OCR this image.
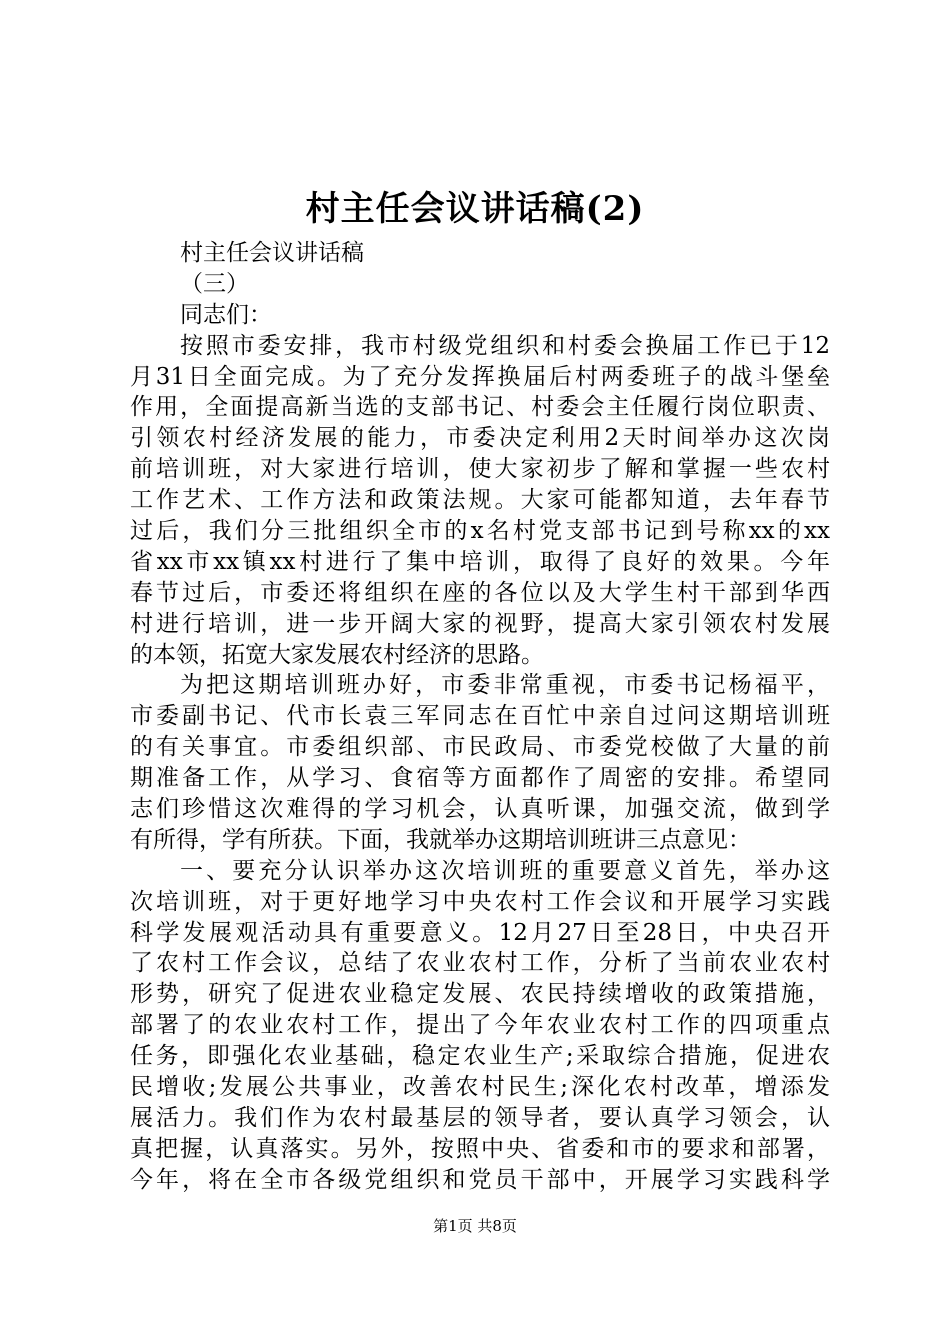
村主任会议讲话稿(2)
村主任会议讲话稿
（三）
同志们：
按照市委安排，我市村级党组织和村委会换届工作已于12
月31日全面完成。为了充分发挥换届后村两委班子的战斗堡垒
作用，全面提高新当选的支部书记、村委会主任履行岗位职责、
引领农村经济发展的能力，市委决定利用2天时间举办这次岗
前培训班，对大家进行培训，使大家初步了解和掌握一些农村
工作艺术、工作方法和政策法规。大家可能都知道，去年春节
过后，我们分三批组织全市的x名村党支部书记到号称xx的xx
省xx市xx镇xx村进行了集中培训，取得了良好的效果。今年
春节过后，市委还将组织在座的各位以及大学生村干部到华西
村进行培训，进一步开阔大家的视野，提高大家引领农村发展
的本领，拓宽大家发展农村经济的思路。
为把这期培训班办好，市委非常重视，市委书记杨福平，
市委副书记、代市长袁三军同志在百忙中亲自过问这期培训班
的有关事宜。市委组织部、市民政局、市委党校做了大量的前
期准备工作，从学习、食宿等方面都作了周密的安排。希望同
志们珍惜这次难得的学习机会，认真听课，加强交流，做到学
有所得，学有所获。下面，我就举办这期培训班讲三点意见：
一、要充分认识举办这次培训班的重要意义首先，举办这
次培训班，对于更好地学习中央农村工作会议和开展学习实践
科学发展观活动具有重要意义。12月27日至28日，中央召开
了农村工作会议，总结了农业农村工作，分析了当前农业农村
形势，研究了促进农业稳定发展、农民持续增收的政策措施，
部署了的农业农村工作，提出了今年农业农村工作的四项重点
任务，即强化农业基础，稳定农业生产;采取综合措施，促进农
民增收;发展公共事业，改善农村民生;深化农村改革，增添发
展活力。我们作为农村最基层的领导者，要认真学习领会，认
真把握，认真落实。另外，按照中央、省委和市的要求和部署，
今年，将在全市各级党组织和党员干部中，开展学习实践科学
第1页 共8页
